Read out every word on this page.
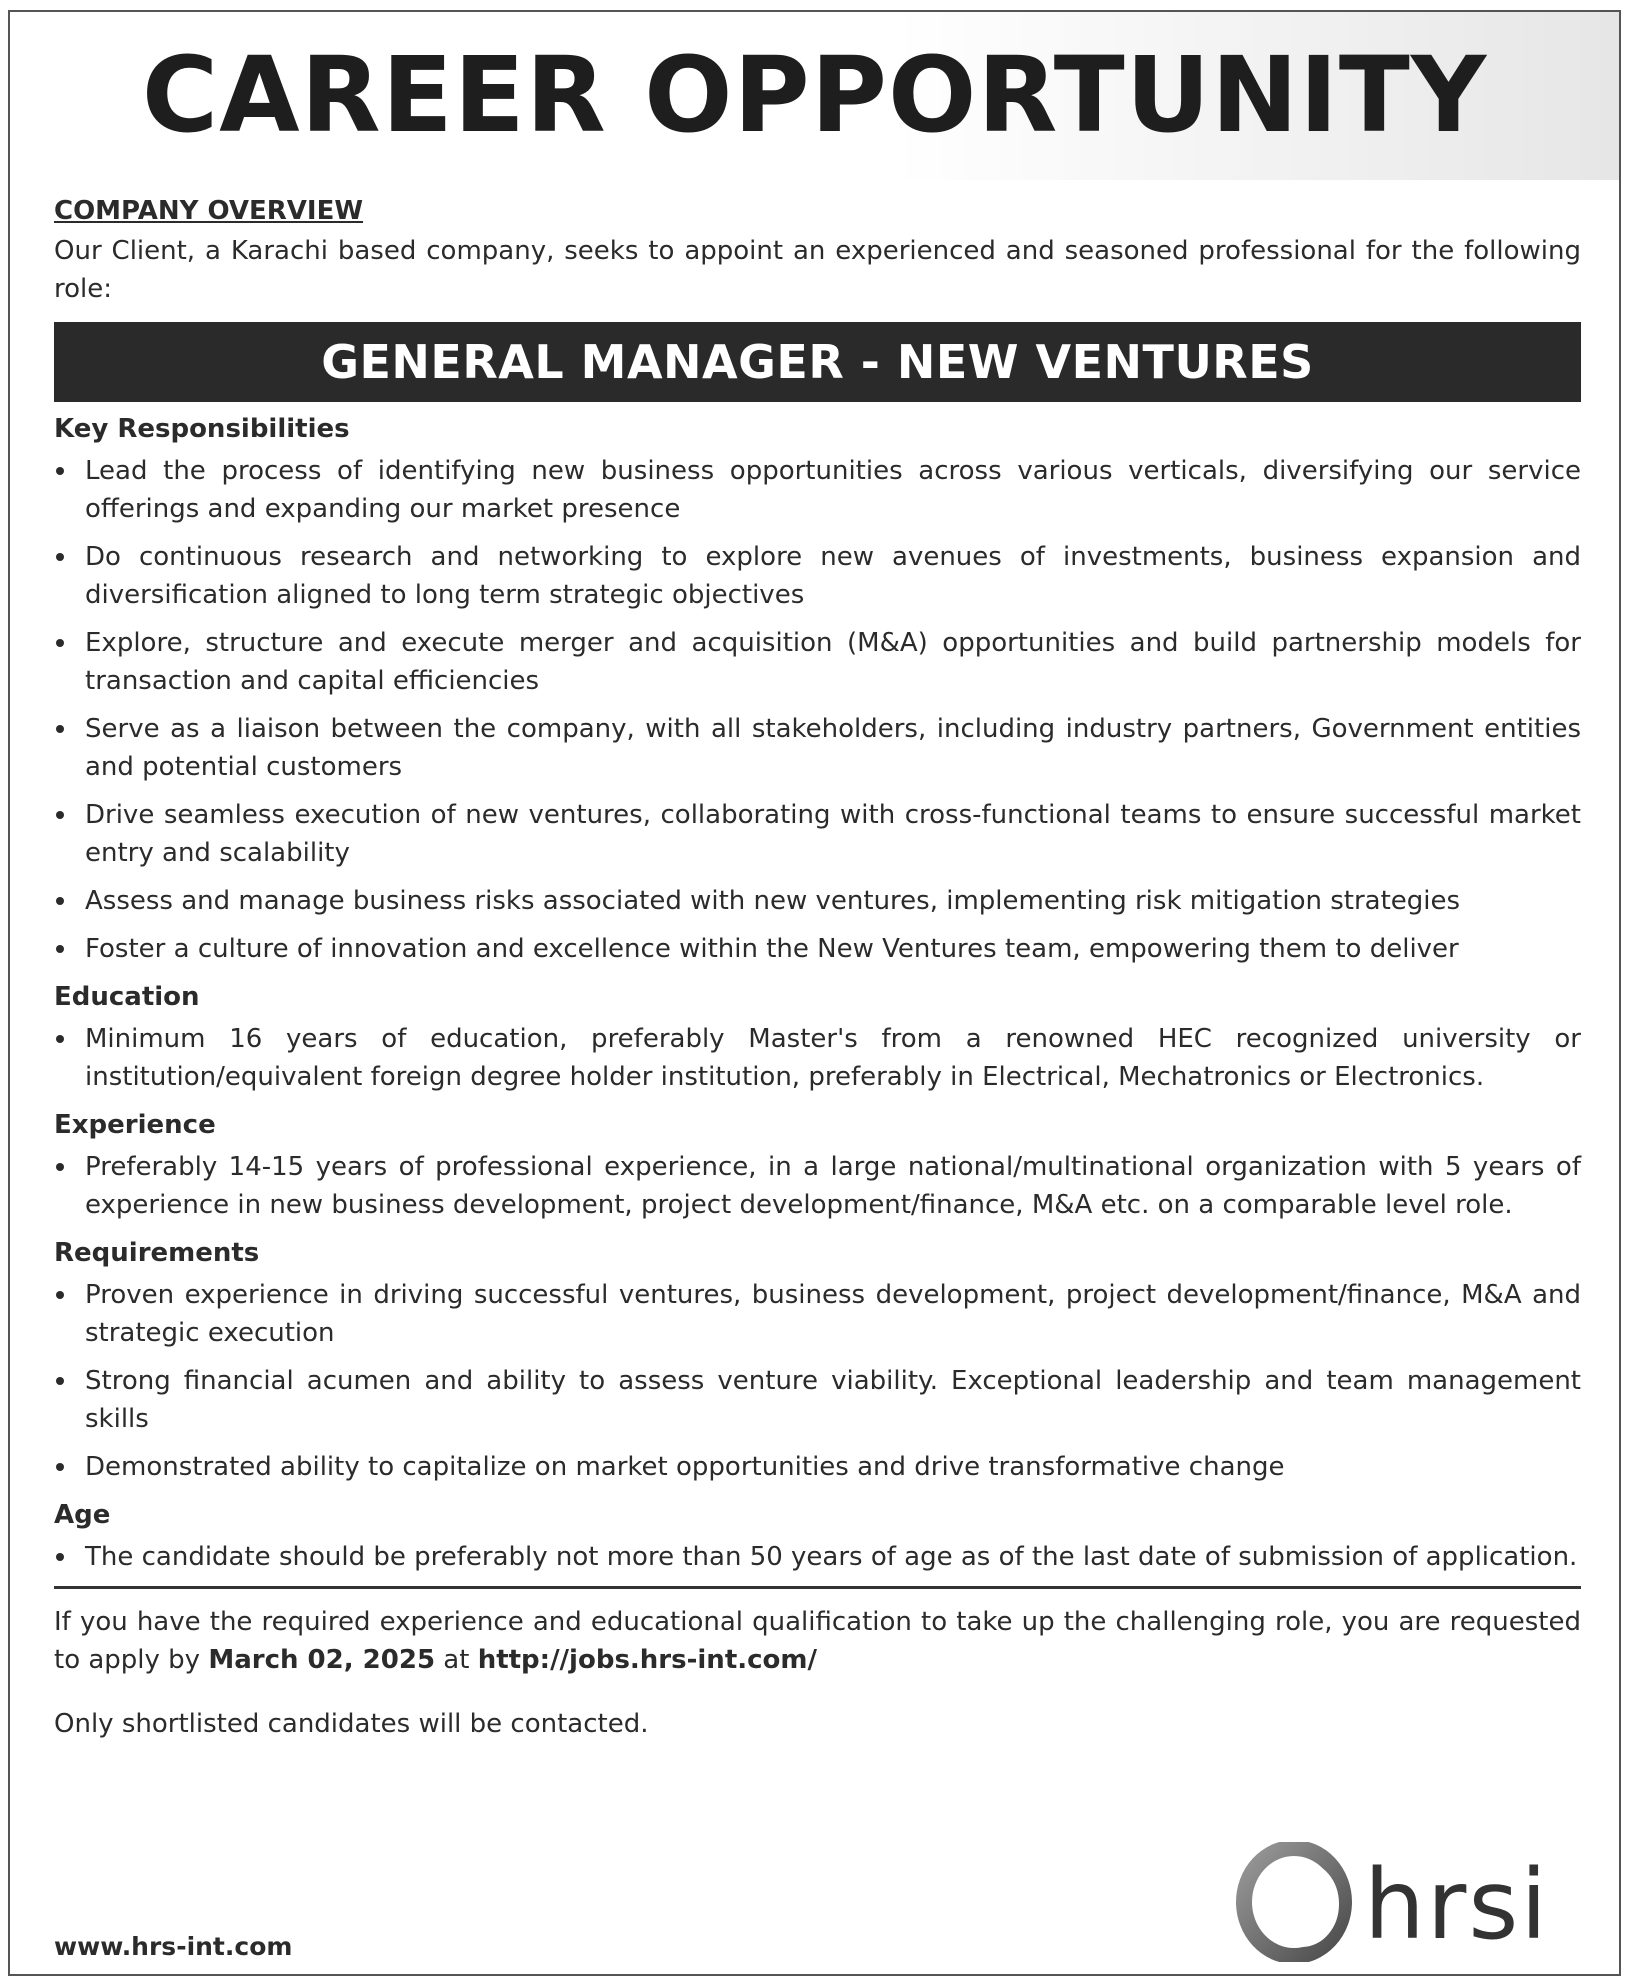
CAREER OPPORTUNITY
COMPANY OVERVIEW

Our Client, a Karachi based company, seeks to appoint an experienced and seasoned professional for the following role:

GENERAL MANAGER - NEW VENTURES
Key Responsibilities
Lead the process of identifying new business opportunities across various verticals, diversifying our service offerings and expanding our market presence
Do continuous research and networking to explore new avenues of investments, business expansion and diversification aligned to long term strategic objectives
Explore, structure and execute merger and acquisition (M&A) opportunities and build partnership models for transaction and capital efficiencies
Serve as a liaison between the company, with all stakeholders, including industry partners, Government entities and potential customers
Drive seamless execution of new ventures, collaborating with cross-functional teams to ensure successful market entry and scalability
Assess and manage business risks associated with new ventures, implementing risk mitigation strategies
Foster a culture of innovation and excellence within the New Ventures team, empowering them to deliver
Education
Minimum 16 years of education, preferably Master's from a renowned HEC recognized university or institution/equivalent foreign degree holder institution, preferably in Electrical, Mechatronics or Electronics.
Experience
Preferably 14-15 years of professional experience, in a large national/multinational organization with 5 years of experience in new business development, project development/finance, M&A etc. on a comparable level role.
Requirements
Proven experience in driving successful ventures, business development, project development/finance, M&A and strategic execution
Strong financial acumen and ability to assess venture viability. Exceptional leadership and team management skills
Demonstrated ability to capitalize on market opportunities and drive transformative change
Age
The candidate should be preferably not more than 50 years of age as of the last date of submission of application.

If you have the required experience and educational qualification to take up the challenging role, you are requested to apply by March 02, 2025 at http://jobs.hrs-int.com/

Only shortlisted candidates will be contacted.

www.hrs-int.com	hrsi
